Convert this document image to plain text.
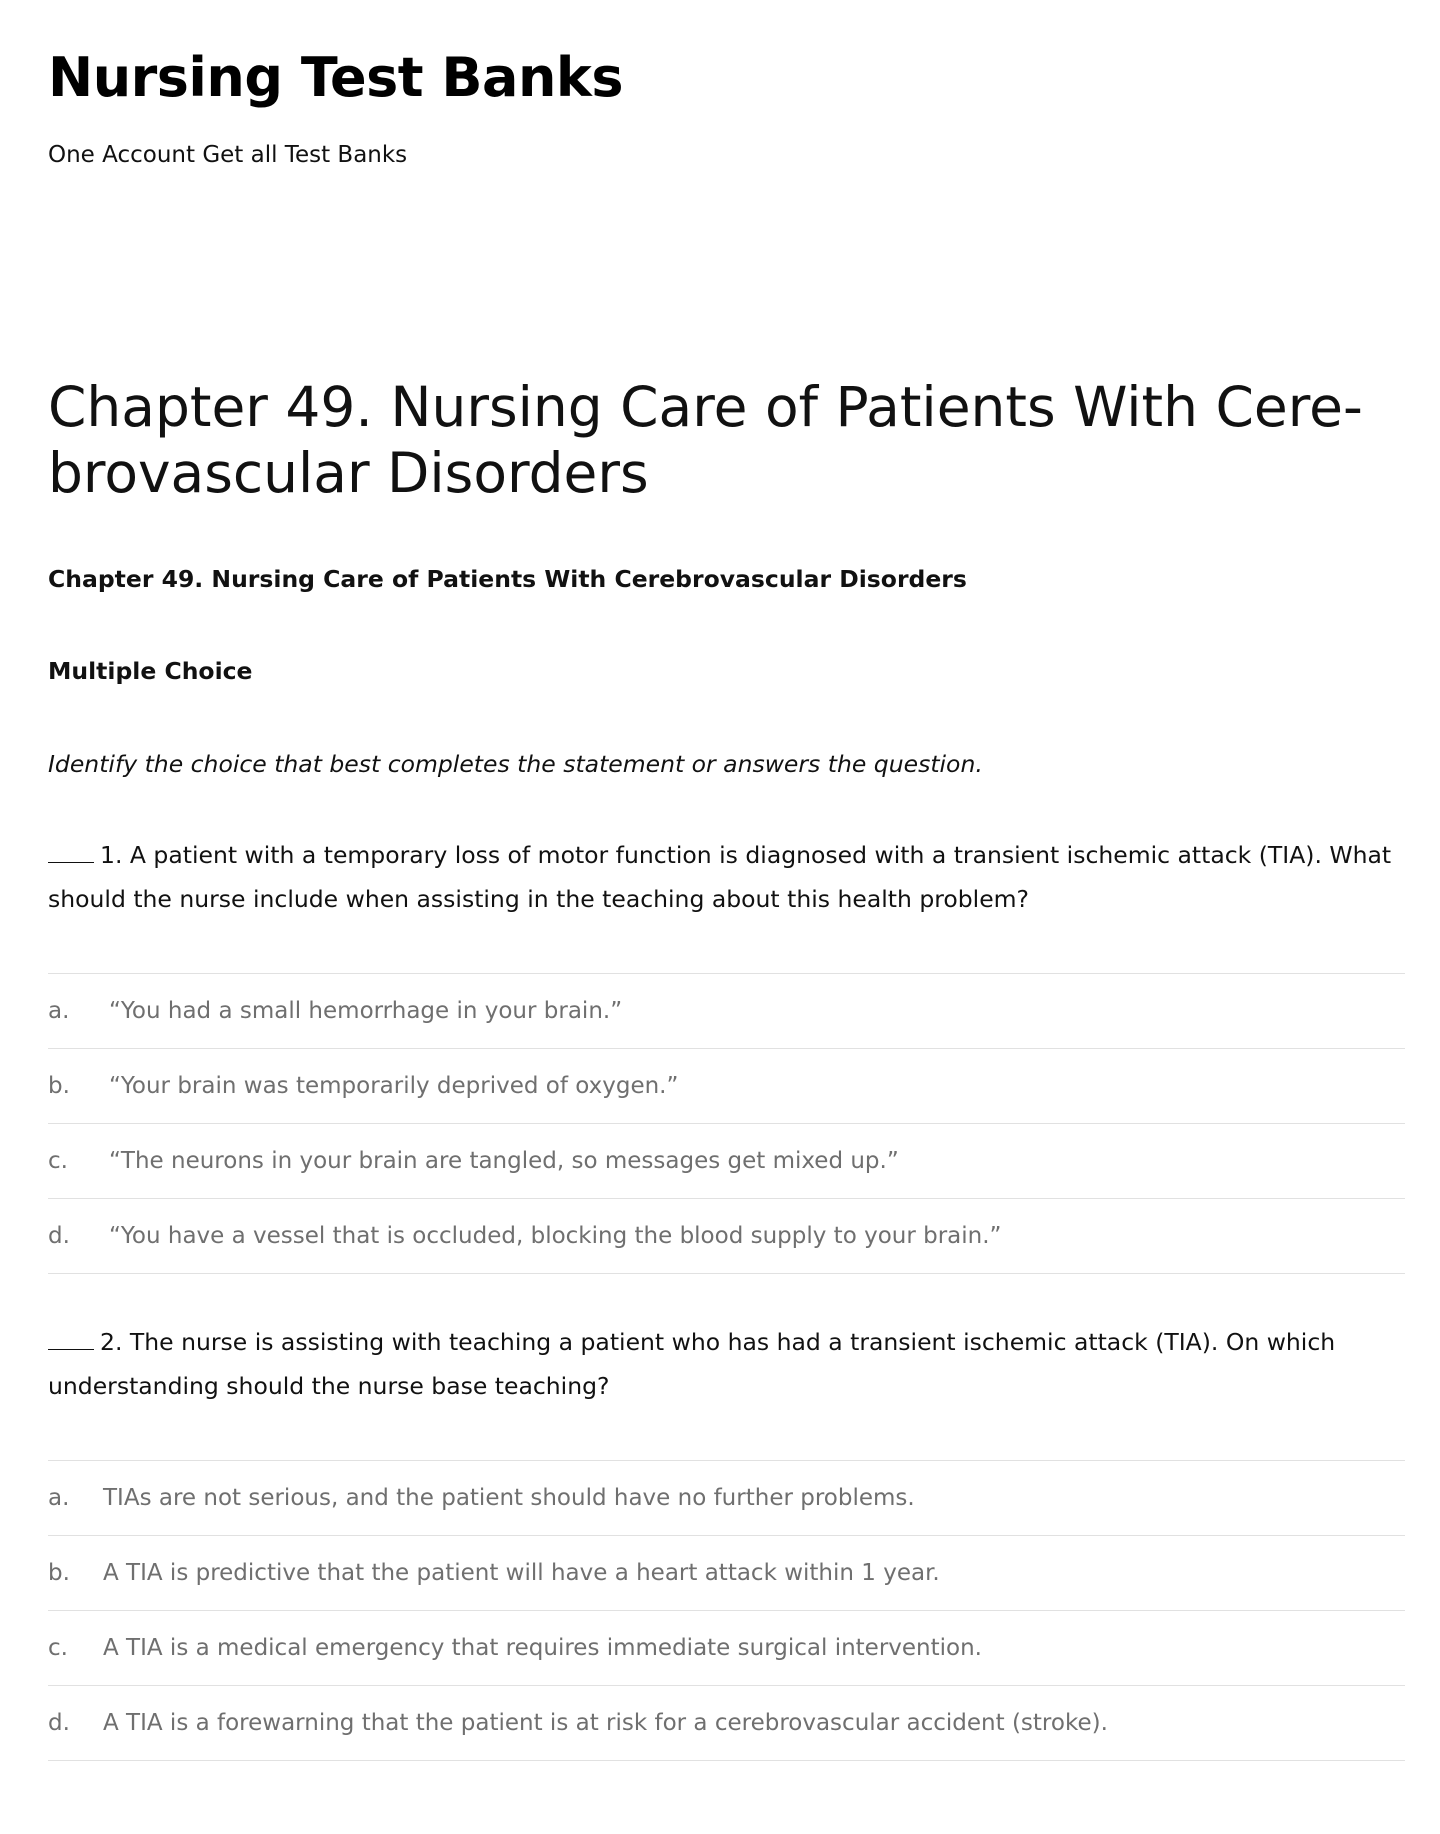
Nursing Test Banks

One Account Get all Test Banks

Chapter 49. Nursing Care of Patients With Cere-brovascular Disorders

Chapter 49. Nursing Care of Patients With Cerebrovascular Disorders

Multiple Choice

Identify the choice that best completes the statement or answers the question.

1. A patient with a temporary loss of motor function is diagnosed with a transient ischemic attack (TIA). What should the nurse include when assisting in the teaching about this health problem?

a.	“You had a small hemorrhage in your brain.”
b.	“Your brain was temporarily deprived of oxygen.”
c.	“The neurons in your brain are tangled, so messages get mixed up.”
d.	“You have a vessel that is occluded, blocking the blood supply to your brain.”

2. The nurse is assisting with teaching a patient who has had a transient ischemic attack (TIA). On which understanding should the nurse base teaching?

a.	TIAs are not serious, and the patient should have no further problems.
b.	A TIA is predictive that the patient will have a heart attack within 1 year.
c.	A TIA is a medical emergency that requires immediate surgical intervention.
d.	A TIA is a forewarning that the patient is at risk for a cerebrovascular accident (stroke).
